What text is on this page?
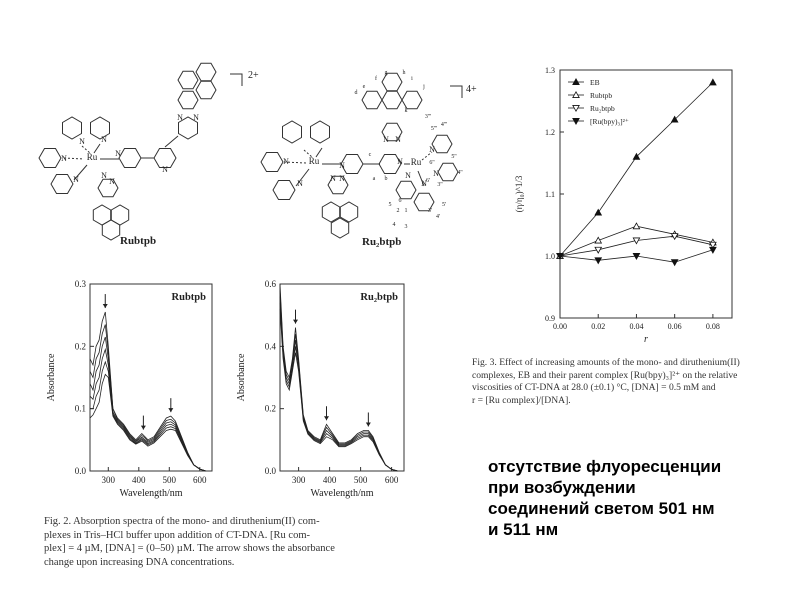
Ru
N N
N
N
N
N
N
N
N N
Ru
N
N
N N
N	N Ru
N N
N
N
N
N
a b
c
d
e
f
g	h
i
j
k
1
2
3
4
5
6
3'
4'
5'
6'
3''
4''
5''
6''
3'''
4'''
5'''
Rubtpb
2+
Ru₂btpb
4+
300 400 500 600
0.0
0.1
0.2
0.3
Wavelength/nm
Absorbance
Rubtpb
300 400 500 600
0.0
0.2
0.4
0.6
Wavelength/nm
Absorbance
Ru₂btpb
Fig. 2. Absorption spectra of the mono- and diruthenium(II) com-
plexes in Tris–HCl buffer upon addition of CT-DNA. [Ru com-
plex] = 4 µM, [DNA] = (0–50) µM. The arrow shows the absorbance
change upon increasing DNA concentrations.
0.00	0.02	0.04	0.06	0.08
0.9
1.0
1.1
1.2
1.3
r
(η/η₀)^1/3
EB
Rubtpb
Ru₂btpb
[Ru(bpy)₃]²⁺
Fig. 3. Effect of increasing amounts of the mono- and diruthenium(II)
complexes, EB and their parent complex [Ru(bpy)₃]²⁺ on the relative
viscosities of CT-DNA at 28.0 (±0.1) °C, [DNA] = 0.5 mM and
r = [Ru complex]/[DNA].
отсутствие флуоресценции
при возбуждении
соединений светом 501 нм
и 511 нм
